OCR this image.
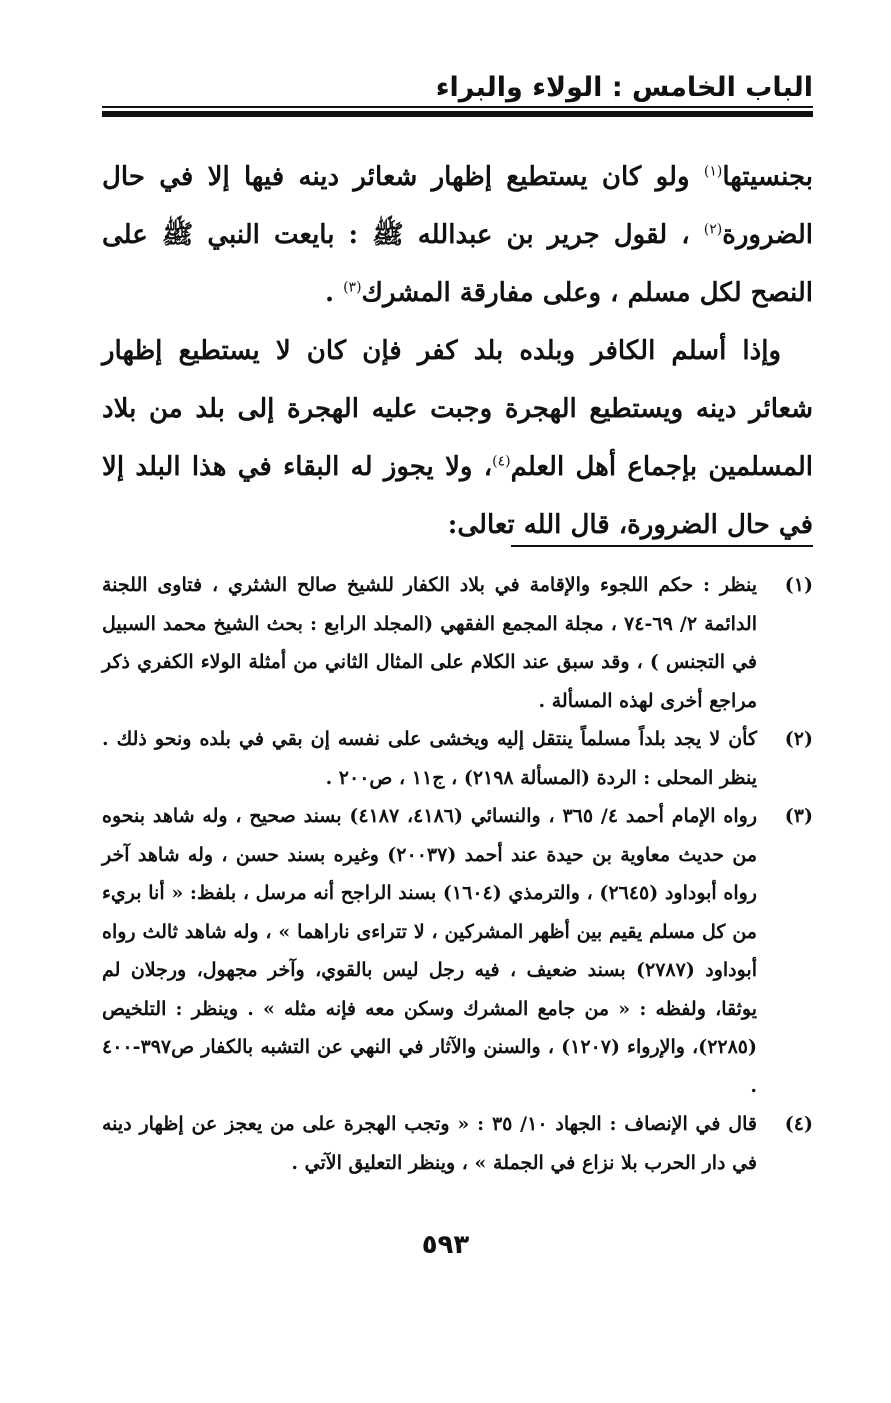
الباب الخامس : الولاء والبراء

بجنسيتها$^{(١)}$ ولو كان يستطيع إظهار شعائر دينه فيها إلا في حال الضرورة$^{(٢)}$ ، لقول جرير بن عبدالله ﷺ : بايعت النبي ﷺ على النصح لكل مسلم ، وعلى مفارقة المشرك$^{(٣)}$ .

وإذا أسلم الكافر وبلده بلد كفر فإن كان لا يستطيع إظهار شعائر دينه ويستطيع الهجرة وجبت عليه الهجرة إلى بلد من بلاد المسلمين بإجماع أهل العلم$^{(٤)}$، ولا يجوز له البقاء في هذا البلد إلا في حال الضرورة، قال الله تعالى:

(١)
ينظر : حكم اللجوء والإقامة في بلاد الكفار للشيخ صالح الشثري ، فتاوى اللجنة الدائمة ٢/ ٦٩-٧٤ ، مجلة المجمع الفقهي (المجلد الرابع : بحث الشيخ محمد السبيل في التجنس ) ، وقد سبق عند الكلام على المثال الثاني من أمثلة الولاء الكفري ذكر مراجع أخرى لهذه المسألة .
(٢)
كأن لا يجد بلداً مسلماً ينتقل إليه ويخشى على نفسه إن بقي في بلده ونحو ذلك . ينظر المحلى : الردة (المسألة ٢١٩٨) ، ج١١ ، ص٢٠٠ .
(٣)
رواه الإمام أحمد ٤/ ٣٦٥ ، والنسائي (٤١٨٦، ٤١٨٧) بسند صحيح ، وله شاهد بنحوه من حديث معاوية بن حيدة عند أحمد (٢٠٠٣٧) وغيره بسند حسن ، وله شاهد آخر رواه أبوداود (٢٦٤٥) ، والترمذي (١٦٠٤) بسند الراجح أنه مرسل ، بلفظ: « أنا بريء من كل مسلم يقيم بين أظهر المشركين ، لا تتراءى ناراهما » ، وله شاهد ثالث رواه أبوداود (٢٧٨٧) بسند ضعيف ، فيه رجل ليس بالقوي، وآخر مجهول، ورجلان لم يوثقا، ولفظه : « من جامع المشرك وسكن معه فإنه مثله » . وينظر : التلخيص (٢٢٨٥)، والإرواء (١٢٠٧) ، والسنن والآثار في النهي عن التشبه بالكفار ص٣٩٧-٤٠٠ .
(٤)
قال في الإنصاف : الجهاد ١٠/ ٣٥ : « وتجب الهجرة على من يعجز عن إظهار دينه في دار الحرب بلا نزاع في الجملة » ، وينظر التعليق الآتي .
٥٩٣
